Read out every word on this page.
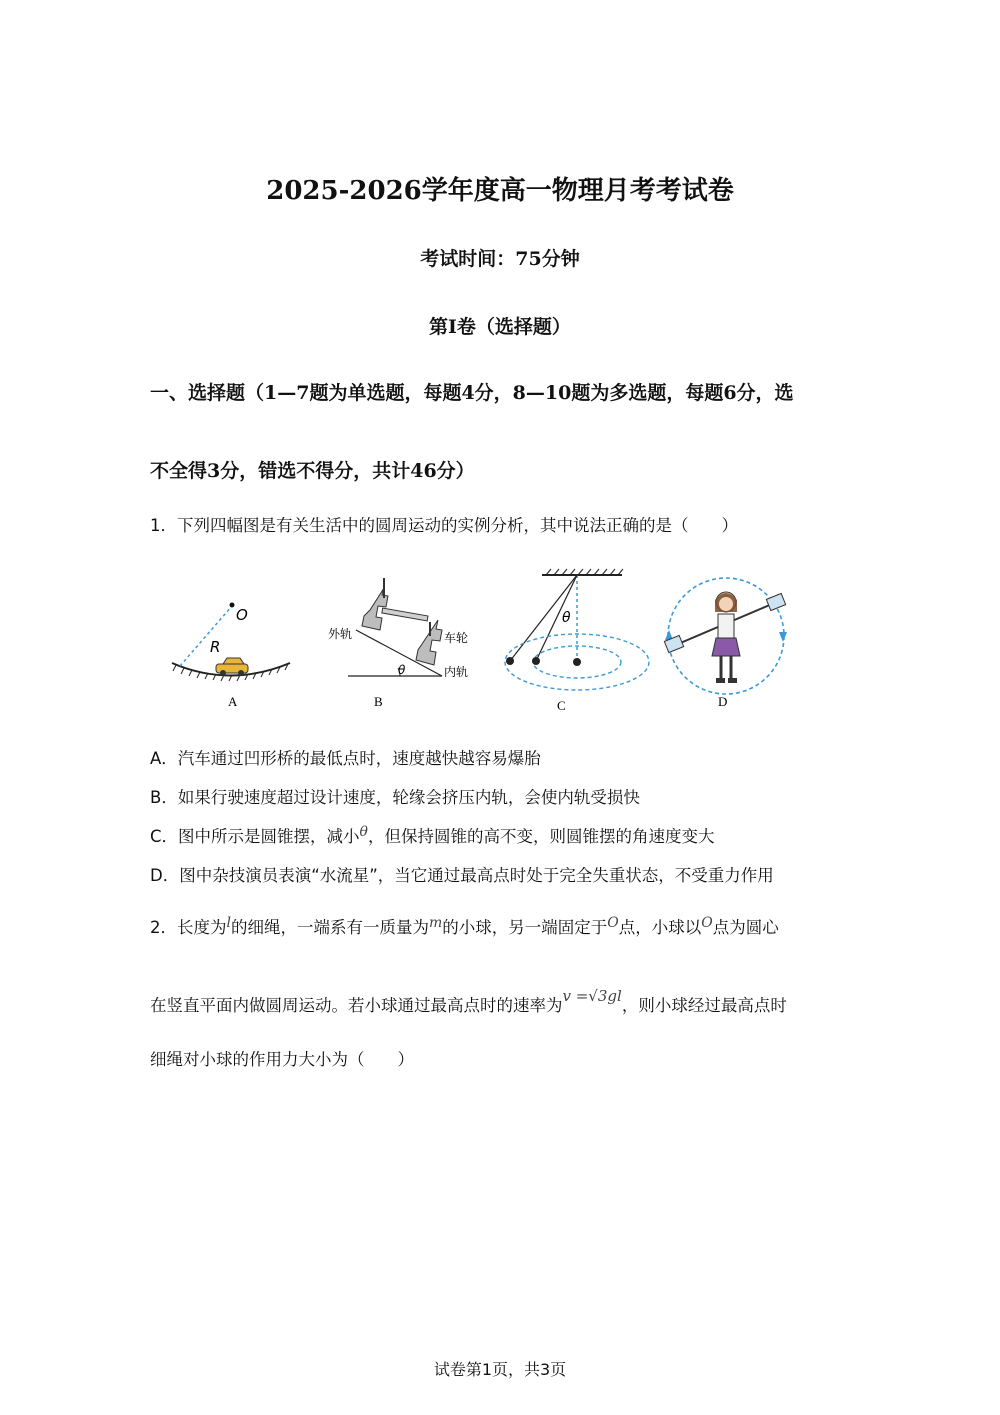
2025-2026学年度高一物理月考考试卷
考试时间：75分钟
第Ⅰ卷（选择题）
一、选择题（1—7题为单选题，每题4分，8—10题为多选题，每题6分，选
不全得3分，错选不得分，共计46分）
1．下列四幅图是有关生活中的圆周运动的实例分析，其中说法正确的是（　　）
O
R
A
θ
外轨	车轮
内轨
B
θ
C	D
A．汽车通过凹形桥的最低点时，速度越快越容易爆胎
B．如果行驶速度超过设计速度，轮缘会挤压内轨，会使内轨受损快
C．图中所示是圆锥摆，减小$^\theta$，但保持圆锥的高不变，则圆锥摆的角速度变大
D．图中杂技演员表演“水流星”，当它通过最高点时处于完全失重状态，不受重力作用
2．长度为$^l$的细绳，一端系有一质量为$^m$的小球，另一端固定于$^O$点，小球以$^O$点为圆心
在竖直平面内做圆周运动。若小球通过最高点时的速率为v =√3gl，则小球经过最高点时
细绳对小球的作用力大小为（　　）
试卷第1页，共3页
